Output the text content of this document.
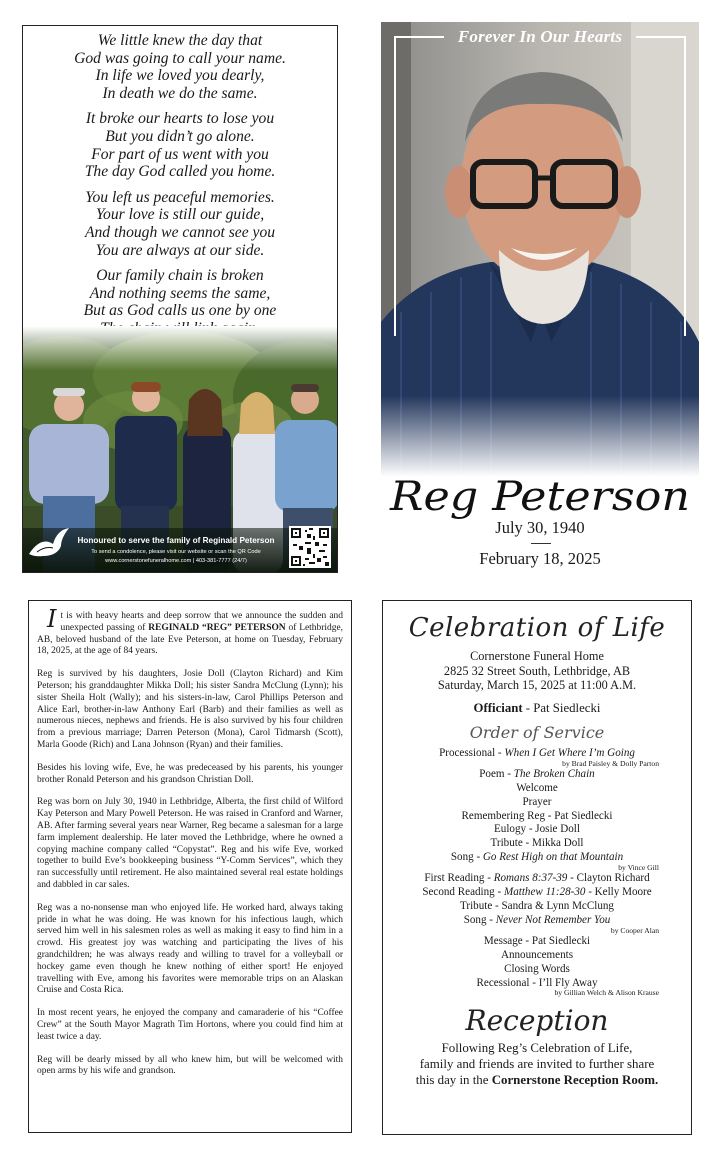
We little knew the day that
God was going to call your name.
In life we loved you dearly,
In death we do the same.
It broke our hearts to lose you
But you didn’t go alone.
For part of us went with you
The day God called you home.
You left us peaceful memories.
Your love is still our guide,
And though we cannot see you
You are always at our side.
Our family chain is broken
And nothing seems the same,
But as God calls us one by one
Honoured to serve the family of Reginald Peterson
To send a condolence, please visit our website or scan the QR Code
www.cornerstonefuneralhome.com | 403-381-7777 (24/7)
Forever In Our Hearts
Reg Peterson
July 30, 1940
February 18, 2025

It is with heavy hearts and deep sorrow that we announce the sudden and unexpected passing of REGINALD “REG” PETERSON of Lethbridge, AB, beloved husband of the late Eve Peterson, at home on Tuesday, February 18, 2025, at the age of 84 years.

Reg is survived by his daughters, Josie Doll (Clayton Richard) and Kim Peterson; his granddaughter Mikka Doll; his sister Sandra McClung (Lynn); his sister Sheila Holt (Wally); and his sisters-in-law, Carol Phillips Peterson and Alice Earl, brother-in-law Anthony Earl (Barb) and their families as well as numerous nieces, nephews and friends. He is also survived by his four children from a previous marriage; Darren Peterson (Mona), Carol Tidmarsh (Scott), Marla Goode (Rich) and Lana Johnson (Ryan) and their families.

Besides his loving wife, Eve, he was predeceased by his parents, his younger brother Ronald Peterson and his grandson Christian Doll.

Reg was born on July 30, 1940 in Lethbridge, Alberta, the first child of Wilford Kay Peterson and Mary Powell Peterson. He was raised in Cranford and Warner, AB. After farming several years near Warner, Reg became a salesman for a large farm implement dealership. He later moved the Lethbridge, where he owned a copying machine company called “Copystat”. Reg and his wife Eve, worked together to build Eve’s bookkeeping business “Y-Comm Services”, which they ran successfully until retirement. He also maintained several real estate holdings and dabbled in car sales.

Reg was a no-nonsense man who enjoyed life. He worked hard, always taking pride in what he was doing. He was known for his infectious laugh, which served him well in his salesmen roles as well as making it easy to find him in a crowd. His greatest joy was watching and participating the lives of his grandchildren; he was always ready and willing to travel for a volleyball or hockey game even though he knew nothing of either sport! He enjoyed travelling with Eve, among his favorites were memorable trips on an Alaskan Cruise and Costa Rica.

In most recent years, he enjoyed the company and camaraderie of his “Coffee Crew” at the South Mayor Magrath Tim Hortons, where you could find him at least twice a day.

Reg will be dearly missed by all who knew him, but will be welcomed with open arms by his wife and grandson.

Celebration of Life
Cornerstone Funeral Home
2825 32 Street South, Lethbridge, AB
Saturday, March 15, 2025 at 11:00 A.M.
Officiant - Pat Siedlecki
Order of Service
Processional - When I Get Where I’m Going
by Brad Paisley & Dolly Parton
Poem - The Broken Chain
Welcome
Prayer
Remembering Reg - Pat Siedlecki
Eulogy - Josie Doll
Tribute - Mikka Doll
Song - Go Rest High on that Mountain
by Vince Gill
First Reading - Romans 8:37-39 - Clayton Richard
Second Reading - Matthew 11:28-30 - Kelly Moore
Tribute - Sandra & Lynn McClung
Song - Never Not Remember You
by Cooper Alan
Message - Pat Siedlecki
Announcements
Closing Words
Recessional - I’ll Fly Away
by Gillian Welch & Alison Krause
Reception
Following Reg’s Celebration of Life,
family and friends are invited to further share
this day in the Cornerstone Reception Room.
